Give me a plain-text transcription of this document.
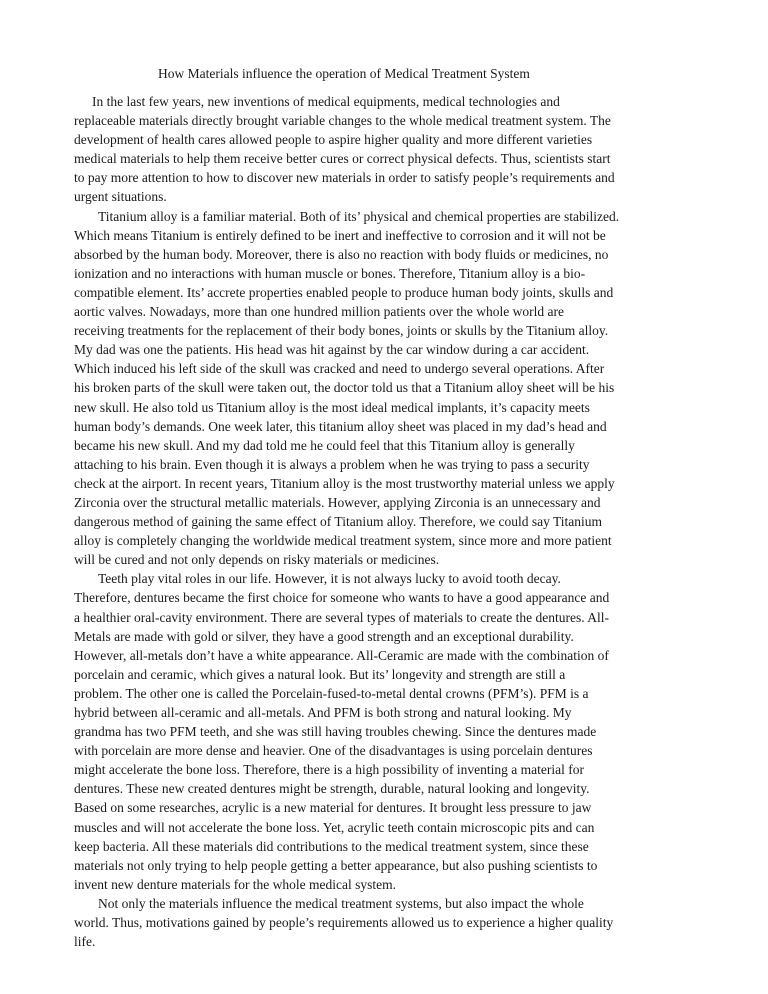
How Materials influence the operation of Medical Treatment System

In the last few years, new inventions of medical equipments, medical technologies and
replaceable materials directly brought variable changes to the whole medical treatment system. The
development of health cares allowed people to aspire higher quality and more different varieties
medical materials to help them receive better cures or correct physical defects. Thus, scientists start
to pay more attention to how to discover new materials in order to satisfy people’s requirements and
urgent situations.

Titanium alloy is a familiar material. Both of its’ physical and chemical properties are stabilized.
Which means Titanium is entirely defined to be inert and ineffective to corrosion and it will not be
absorbed by the human body. Moreover, there is also no reaction with body fluids or medicines, no
ionization and no interactions with human muscle or bones. Therefore, Titanium alloy is a bio-
compatible element. Its’ accrete properties enabled people to produce human body joints, skulls and
aortic valves. Nowadays, more than one hundred million patients over the whole world are
receiving treatments for the replacement of their body bones, joints or skulls by the Titanium alloy.
My dad was one the patients. His head was hit against by the car window during a car accident.
Which induced his left side of the skull was cracked and need to undergo several operations. After
his broken parts of the skull were taken out, the doctor told us that a Titanium alloy sheet will be his
new skull. He also told us Titanium alloy is the most ideal medical implants, it’s capacity meets
human body’s demands. One week later, this titanium alloy sheet was placed in my dad’s head and
became his new skull. And my dad told me he could feel that this Titanium alloy is generally
attaching to his brain. Even though it is always a problem when he was trying to pass a security
check at the airport. In recent years, Titanium alloy is the most trustworthy material unless we apply
Zirconia over the structural metallic materials. However, applying Zirconia is an unnecessary and
dangerous method of gaining the same effect of Titanium alloy. Therefore, we could say Titanium
alloy is completely changing the worldwide medical treatment system, since more and more patient
will be cured and not only depends on risky materials or medicines.

Teeth play vital roles in our life. However, it is not always lucky to avoid tooth decay.
Therefore, dentures became the first choice for someone who wants to have a good appearance and
a healthier oral-cavity environment. There are several types of materials to create the dentures. All-
Metals are made with gold or silver, they have a good strength and an exceptional durability.
However, all-metals don’t have a white appearance. All-Ceramic are made with the combination of
porcelain and ceramic, which gives a natural look. But its’ longevity and strength are still a
problem. The other one is called the Porcelain-fused-to-metal dental crowns (PFM’s). PFM is a
hybrid between all-ceramic and all-metals. And PFM is both strong and natural looking. My
grandma has two PFM teeth, and she was still having troubles chewing. Since the dentures made
with porcelain are more dense and heavier. One of the disadvantages is using porcelain dentures
might accelerate the bone loss. Therefore, there is a high possibility of inventing a material for
dentures. These new created dentures might be strength, durable, natural looking and longevity.
Based on some researches, acrylic is a new material for dentures. It brought less pressure to jaw
muscles and will not accelerate the bone loss. Yet, acrylic teeth contain microscopic pits and can
keep bacteria. All these materials did contributions to the medical treatment system, since these
materials not only trying to help people getting a better appearance, but also pushing scientists to
invent new denture materials for the whole medical system.

Not only the materials influence the medical treatment systems, but also impact the whole
world. Thus, motivations gained by people’s requirements allowed us to experience a higher quality
life.
